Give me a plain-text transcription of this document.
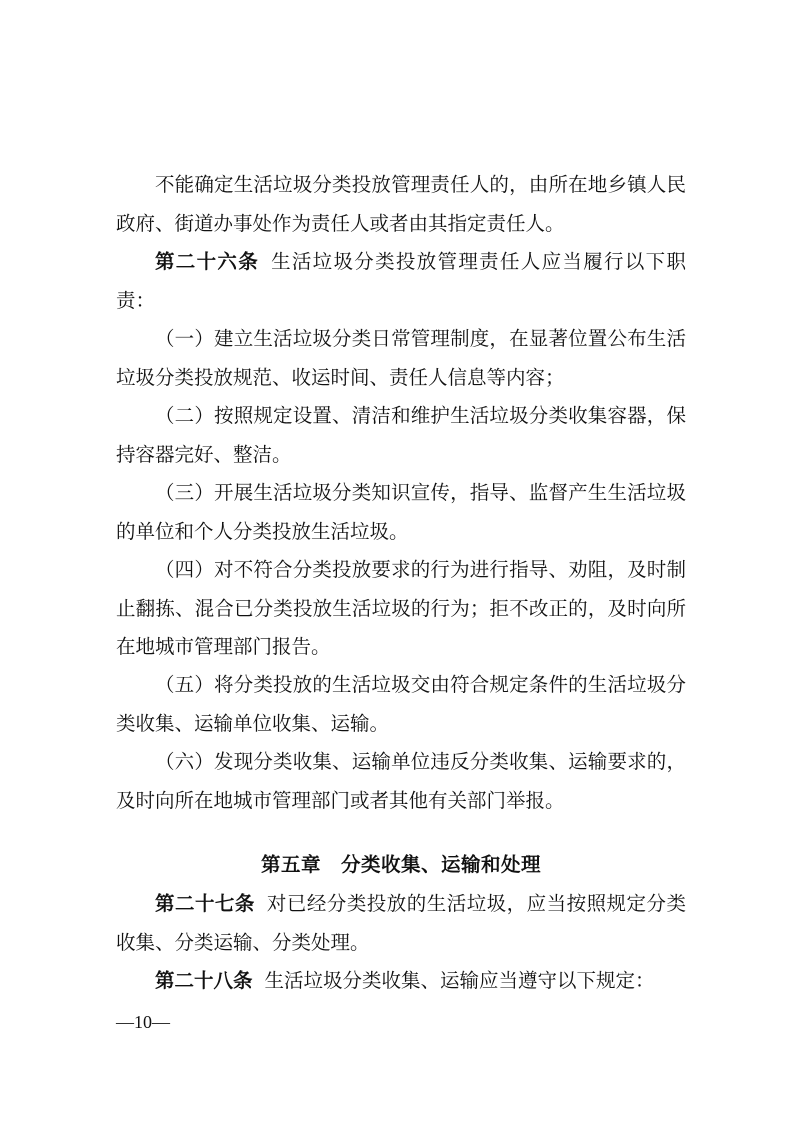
不能确定生活垃圾分类投放管理责任人的，由所在地乡镇人民政府、街道办事处作为责任人或者由其指定责任人。

第二十六条 生活垃圾分类投放管理责任人应当履行以下职责：

（一）建立生活垃圾分类日常管理制度，在显著位置公布生活垃圾分类投放规范、收运时间、责任人信息等内容；

（二）按照规定设置、清洁和维护生活垃圾分类收集容器，保持容器完好、整洁。

（三）开展生活垃圾分类知识宣传，指导、监督产生生活垃圾的单位和个人分类投放生活垃圾。

（四）对不符合分类投放要求的行为进行指导、劝阻，及时制止翻拣、混合已分类投放生活垃圾的行为；拒不改正的，及时向所在地城市管理部门报告。

（五）将分类投放的生活垃圾交由符合规定条件的生活垃圾分类收集、运输单位收集、运输。

（六）发现分类收集、运输单位违反分类收集、运输要求的，及时向所在地城市管理部门或者其他有关部门举报。

第五章　分类收集、运输和处理

第二十七条 对已经分类投放的生活垃圾，应当按照规定分类收集、分类运输、分类处理。

第二十八条 生活垃圾分类收集、运输应当遵守以下规定：

—10—
